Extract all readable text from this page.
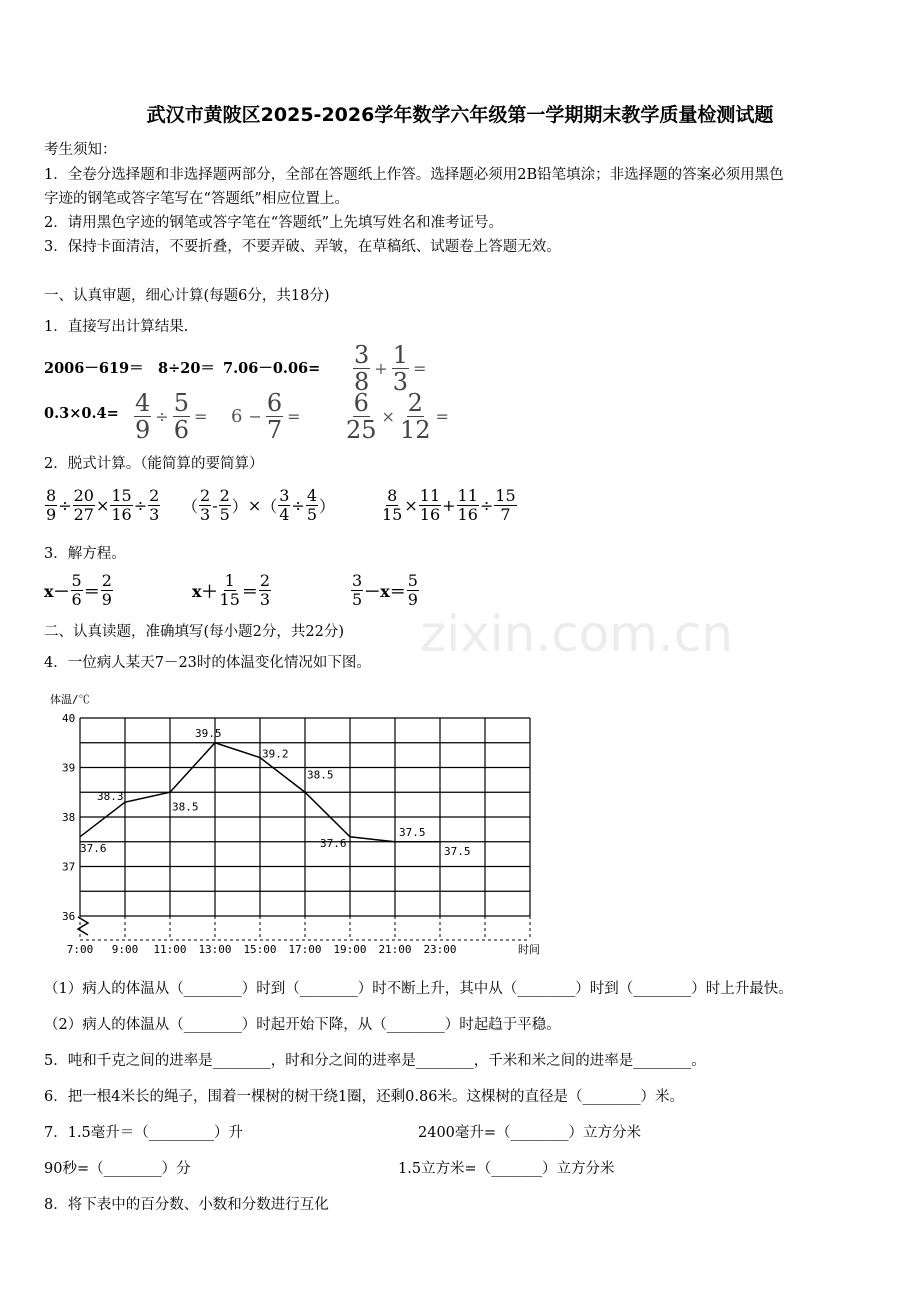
武汉市黄陂区2025-2026学年数学六年级第一学期期末教学质量检测试题
考生须知：
1．全卷分选择题和非选择题两部分，全部在答题纸上作答。选择题必须用2B铅笔填涂；非选择题的答案必须用黑色
字迹的钢笔或答字笔写在“答题纸”相应位置上。
2．请用黑色字迹的钢笔或答字笔在“答题纸”上先填写姓名和准考证号。
3．保持卡面清洁，不要折叠，不要弄破、弄皱，在草稿纸、试题卷上答题无效。
一、认真审题，细心计算(每题6分，共18分)
1．直接写出计算结果.
$2006-619= 8\div 20= 7.06-0.06= \frac{3}{8} + \frac{1}{3}$ =
$0.3\times 0.4= \frac{4}{9} \div \frac{5}{6} = 6 - \frac{6}{7} = \frac{6}{25} \times \frac{2}{12}$ =
2．脱式计算。（能简算的要简算）
$\frac{8}{9} \div \frac{20}{27} \times \frac{15}{16} \div \frac{2}{3}$ （ $\frac{2}{3} - \frac{2}{5}$ ） × （ $\frac{3}{4} \div \frac{4}{5}$ ）	$\frac{8}{15} \times \frac{11}{16} + \frac{11}{16} \div \frac{15}{7}$
3．解方程。
$x- \frac{5}{6} = \frac{2}{9}$	$x+ \frac{1}{15} = \frac{2}{3}$	$\frac{3}{5} -x= \frac{5}{9}$
zixin.com.cn
二、认真读题，准确填写(每小题2分，共22分)
4．一位病人某天7－23时的体温变化情况如下图。
体温/℃
时间
36
37
38
39
40
7:00 9:00 11:00 13:00 15:00 17:00 19:00 21:00 23:00
37.6
38.3
38.5
39.5
39.2
38.5
37.6
37.5
37.5
（1）病人的体温从（________）时到（________）时不断上升，其中从（________）时到（________）时上升最快。
（2）病人的体温从（________）时起开始下降，从（________）时起趋于平稳。
5．吨和千克之间的进率是________，时和分之间的进率是________，千米和米之间的进率是________。
6．把一根4米长的绳子，围着一棵树的树干绕1圈，还剩0.86米。这棵树的直径是（________）米。
7．1.5毫升＝（_________）升	2400毫升=（________）立方分米
90秒=（________）分	1.5立方米=（_______）立方分米
8．将下表中的百分数、小数和分数进行互化
